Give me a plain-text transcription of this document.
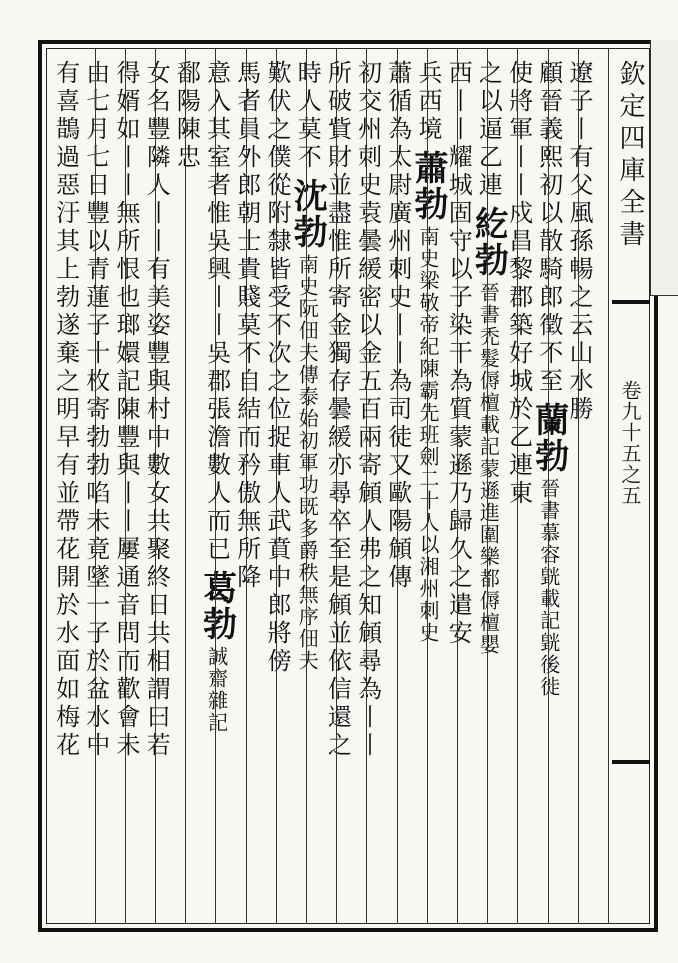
欽定四庫全書
卷九十五之五
遼子丨有父風孫暢之云山水勝
顧晉義熙初以散騎郎徵不至蘭勃晉書慕容皝載記皝後徙
使將軍丨丨戍昌黎郡築好城於乙連東
之以逼乙連紇勃晉書禿髮傉檀載記蒙遜進圍樂都傉檀嬰
西丨丨耀城固守以子染干為質蒙遜乃歸久之遣安
兵西境蕭勃南史梁敬帝紀陳霸先班劍二十人以湘州刺史
蕭循為太尉廣州刺史丨丨為司徒又歐陽頠傳
初交州刺史袁曇緩密以金五百兩寄頠人弗之知頠尋為丨丨
所破貲財並盡惟所寄金獨存曇緩亦尋卒至是頠並依信還之
時人莫不沈勃南史阮佃夫傳泰始初軍功既多爵秩無序佃夫
歎伏之僕從附隸皆受不次之位捉車人武賁中郎將傍
馬者員外郎朝士貴賤莫不自結而矜傲無所降
意入其室者惟吳興丨丨吳郡張澹數人而已葛勃誠齋雜記
鄱陽陳忠
女名豐隣人丨丨有美姿豐與村中數女共聚終日共相謂曰若
得婿如丨丨無所恨也瑯嬛記陳豐與丨丨屢通音問而歡會未
由七月七日豐以青蓮子十枚寄勃勃啗未竟墜一子於盆水中
有喜鵲過惡汙其上勃遂棄之明早有並帶花開於水面如梅花
